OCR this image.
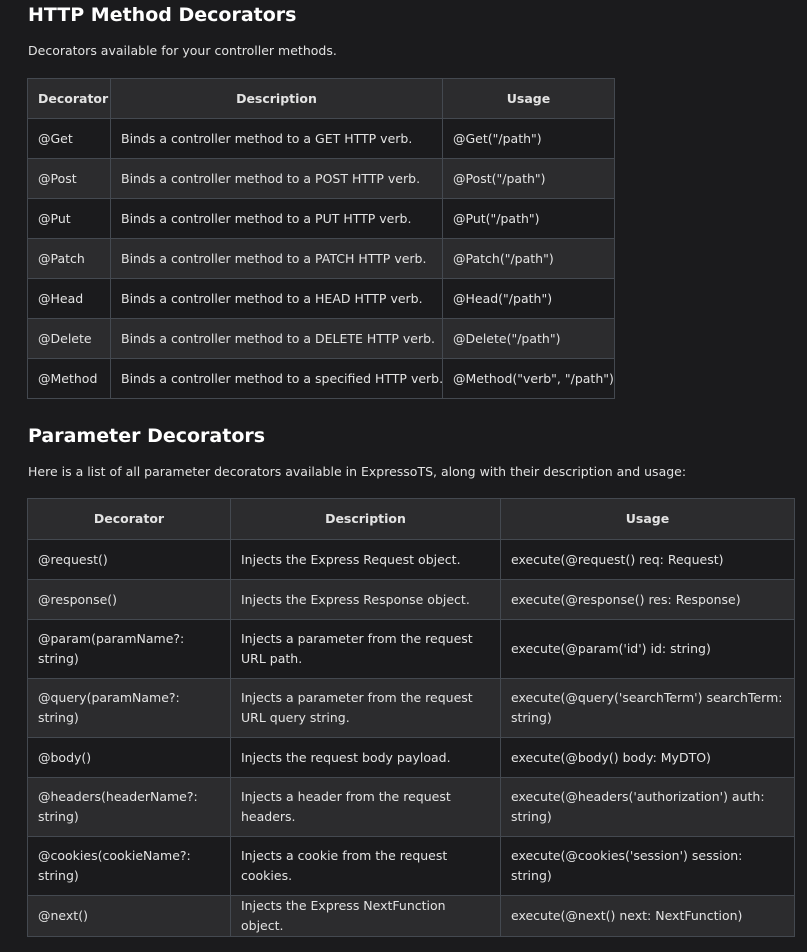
HTTP Method Decorators

Decorators available for your controller methods.

Decorator	Description	Usage
@Get	Binds a controller method to a GET HTTP verb.	@Get("/path")
@Post	Binds a controller method to a POST HTTP verb.	@Post("/path")
@Put	Binds a controller method to a PUT HTTP verb.	@Put("/path")
@Patch	Binds a controller method to a PATCH HTTP verb.	@Patch("/path")
@Head	Binds a controller method to a HEAD HTTP verb.	@Head("/path")
@Delete	Binds a controller method to a DELETE HTTP verb.	@Delete("/path")
@Method	Binds a controller method to a specified HTTP verb.	@Method("verb", "/path")
Parameter Decorators

Here is a list of all parameter decorators available in ExpressoTS, along with their description and usage:

Decorator	Description	Usage
@request()	Injects the Express Request object.	execute(@request() req: Request)
@response()	Injects the Express Response object.	execute(@response() res: Response)
@param(paramName?: string)	Injects a parameter from the request URL path.	execute(@param('id') id: string)
@query(paramName?: string)	Injects a parameter from the request URL query string.	execute(@query('searchTerm') searchTerm: string)
@body()	Injects the request body payload.	execute(@body() body: MyDTO)
@headers(headerName?: string)	Injects a header from the request headers.	execute(@headers('authorization') auth: string)
@cookies(cookieName?: string)	Injects a cookie from the request cookies.	execute(@cookies('session') session: string)
@next()	Injects the Express NextFunction object.	execute(@next() next: NextFunction)
